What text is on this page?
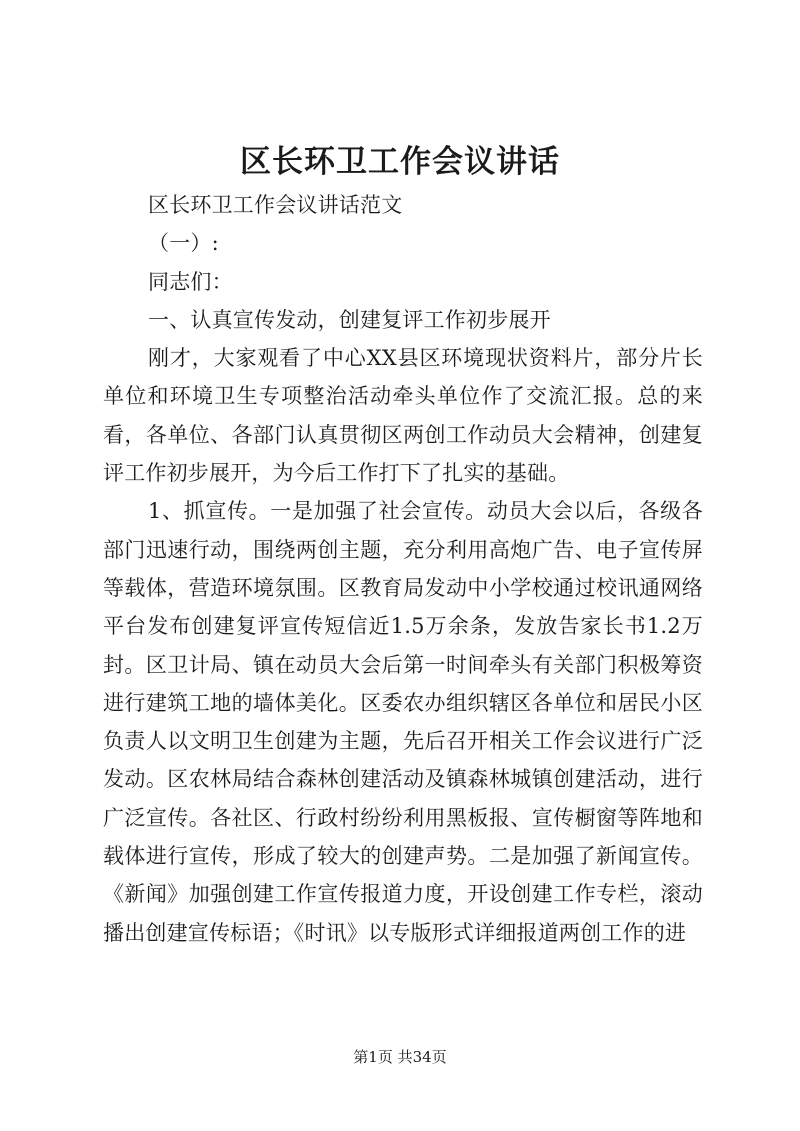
区长环卫工作会议讲话

区长环卫工作会议讲话范文

（一）:

同志们：

一、认真宣传发动，创建复评工作初步展开

刚才，大家观看了中心XX县区环境现状资料片，部分片长单位和环境卫生专项整治活动牵头单位作了交流汇报。总的来看，各单位、各部门认真贯彻区两创工作动员大会精神，创建复评工作初步展开，为今后工作打下了扎实的基础。

1、抓宣传。一是加强了社会宣传。动员大会以后，各级各部门迅速行动，围绕两创主题，充分利用高炮广告、电子宣传屏等载体，营造环境氛围。区教育局发动中小学校通过校讯通网络平台发布创建复评宣传短信近1.5万余条，发放告家长书1.2万封。区卫计局、镇在动员大会后第一时间牵头有关部门积极筹资进行建筑工地的墙体美化。区委农办组织辖区各单位和居民小区负责人以文明卫生创建为主题，先后召开相关工作会议进行广泛发动。区农林局结合森林创建活动及镇森林城镇创建活动，进行广泛宣传。各社区、行政村纷纷利用黑板报、宣传橱窗等阵地和载体进行宣传，形成了较大的创建声势。二是加强了新闻宣传。《新闻》加强创建工作宣传报道力度，开设创建工作专栏，滚动播出创建宣传标语；《时讯》以专版形式详细报道两创工作的进

第1页 共34页
